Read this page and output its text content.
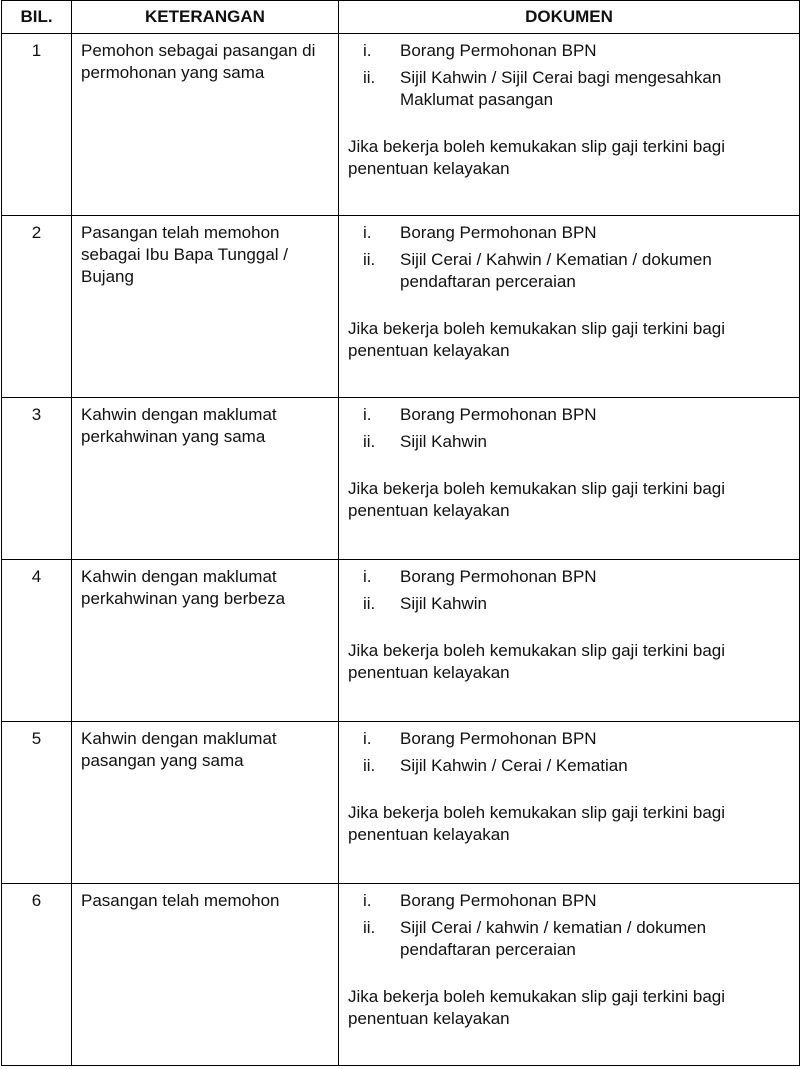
BIL.	KETERANGAN	DOKUMEN
1	Pemohon sebagai pasangan di permohonan yang sama	i. Borang Permohonan BPN
ii. Sijil Kahwin / Sijil Cerai bagi mengesahkan Maklumat pasangan
Jika bekerja boleh kemukakan slip gaji terkini bagi penentuan kelayakan

2	Pasangan telah memohon sebagai Ibu Bapa Tunggal / Bujang	i. Borang Permohonan BPN
ii. Sijil Cerai / Kahwin / Kematian / dokumen pendaftaran perceraian
Jika bekerja boleh kemukakan slip gaji terkini bagi penentuan kelayakan

3	Kahwin dengan maklumat perkahwinan yang sama	i. Borang Permohonan BPN
ii. Sijil Kahwin
Jika bekerja boleh kemukakan slip gaji terkini bagi penentuan kelayakan

4	Kahwin dengan maklumat perkahwinan yang berbeza	i. Borang Permohonan BPN
ii. Sijil Kahwin
Jika bekerja boleh kemukakan slip gaji terkini bagi penentuan kelayakan

5	Kahwin dengan maklumat pasangan yang sama	i. Borang Permohonan BPN
ii. Sijil Kahwin / Cerai / Kematian
Jika bekerja boleh kemukakan slip gaji terkini bagi penentuan kelayakan

6	Pasangan telah memohon	i. Borang Permohonan BPN
ii. Sijil Cerai / kahwin / kematian / dokumen pendaftaran perceraian
Jika bekerja boleh kemukakan slip gaji terkini bagi penentuan kelayakan
